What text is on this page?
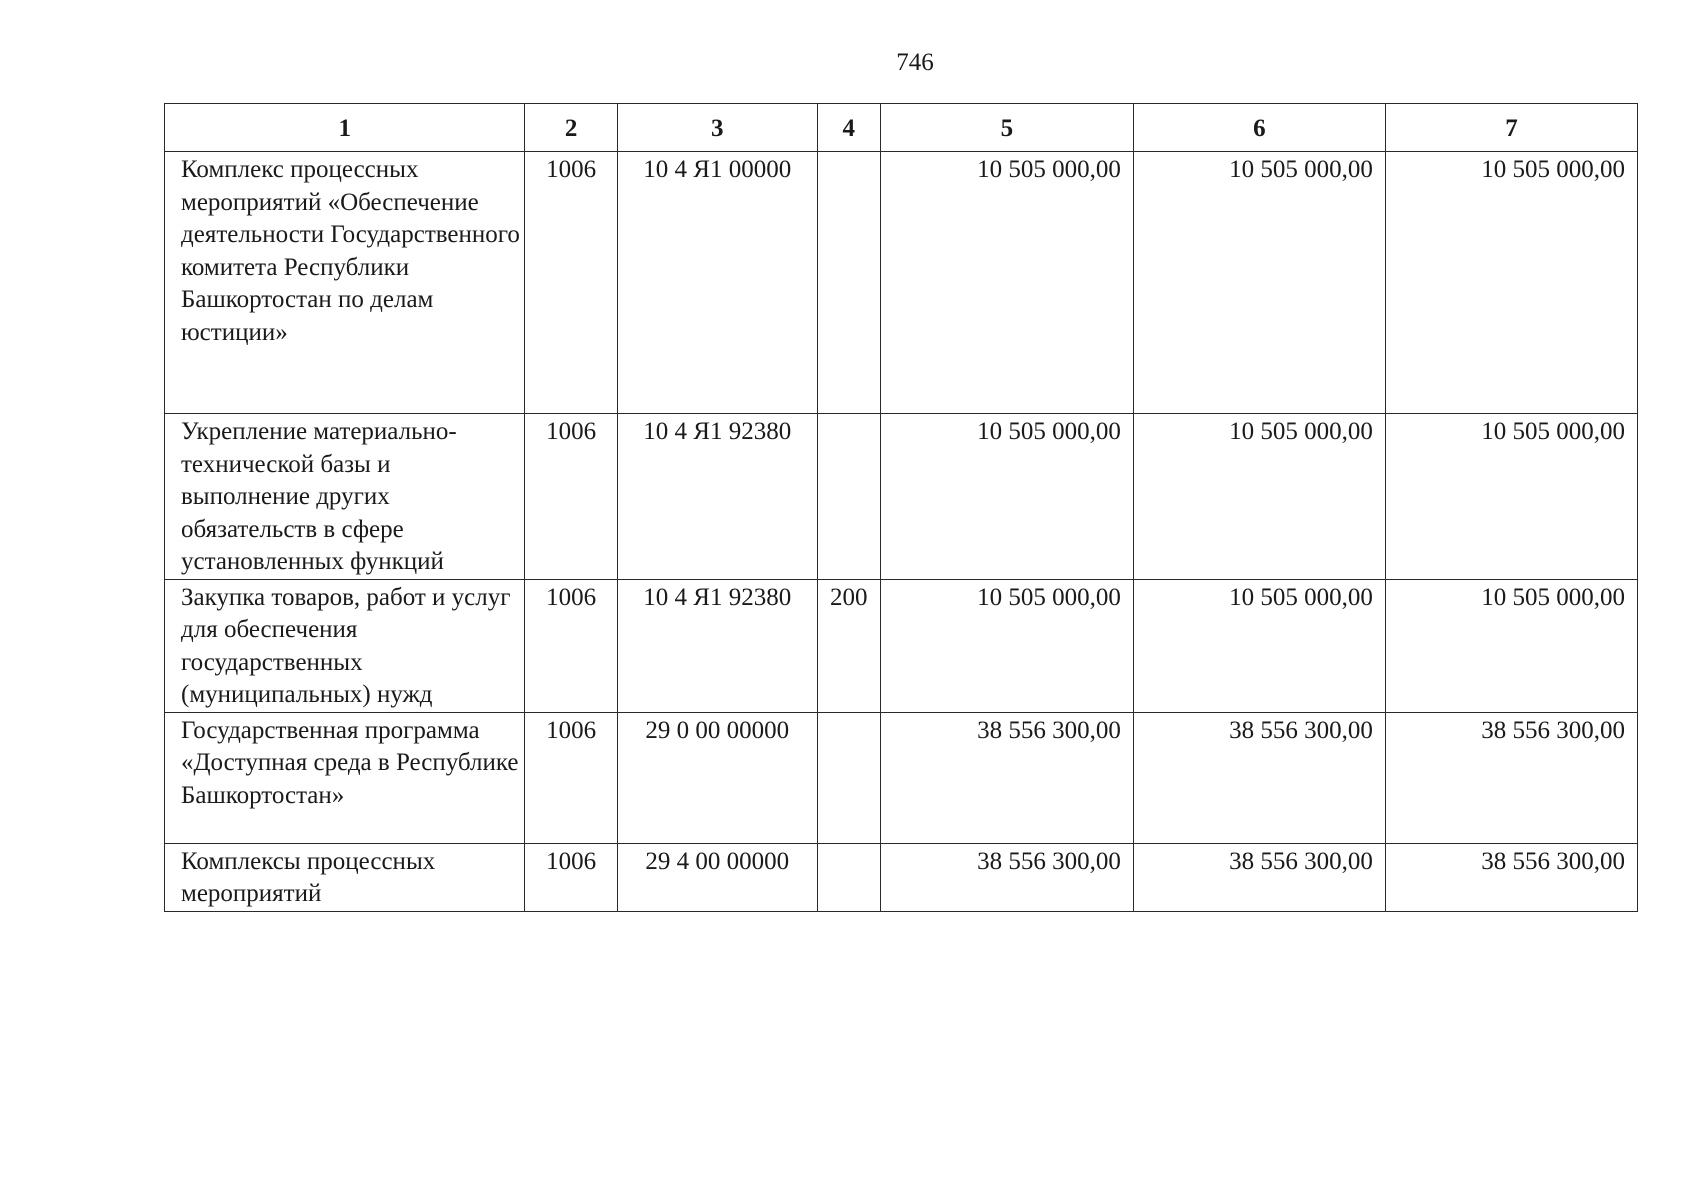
746
1	2	3	4	5	6	7
Комплекс процессных мероприятий «Обеспечение деятельности Государственного комитета Республики Башкортостан по делам юстиции»	1006	10 4 Я1 00000		10 505 000,00	10 505 000,00	10 505 000,00
Укрепление материально-технической базы и выполнение других обязательств в сфере установленных функций	1006	10 4 Я1 92380		10 505 000,00	10 505 000,00	10 505 000,00
Закупка товаров, работ и услуг для обеспечения государственных (муниципальных) нужд	1006	10 4 Я1 92380	200	10 505 000,00	10 505 000,00	10 505 000,00
Государственная программа «Доступная среда в Республике Башкортостан»	1006	29 0 00 00000		38 556 300,00	38 556 300,00	38 556 300,00
Комплексы процессных мероприятий	1006	29 4 00 00000		38 556 300,00	38 556 300,00	38 556 300,00
